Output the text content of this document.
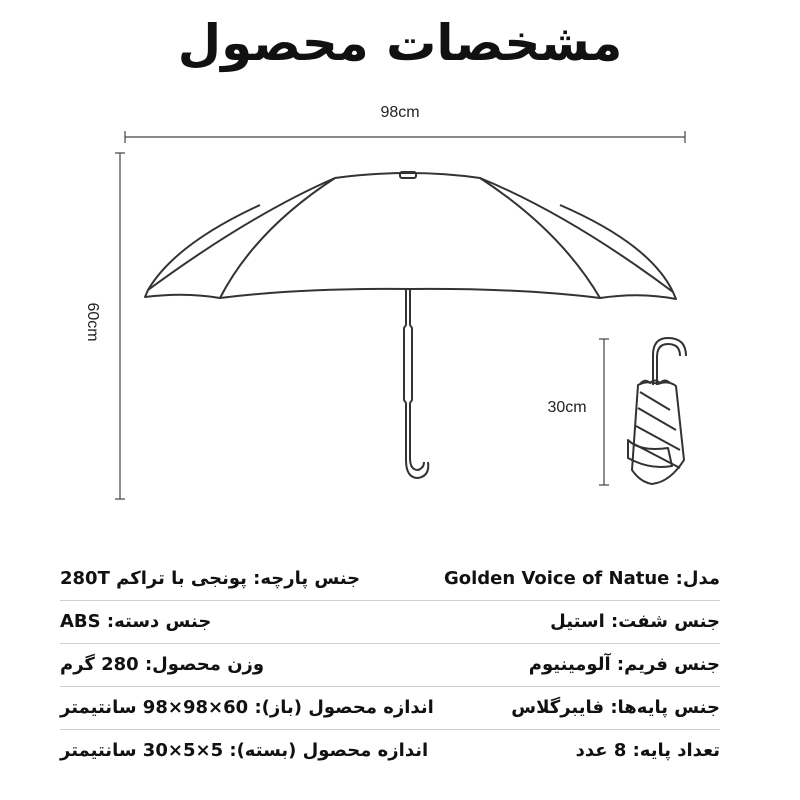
مشخصات محصول
98cm
60cm
30cm
مدل: Golden Voice of Natue
جنس پارچه: پونجی با تراکم 280T
جنس شفت: استیل
جنس دسته: ABS
جنس فریم: آلومینیوم
وزن محصول: 280 گرم
جنس پایه‌ها: فایبرگلاس
اندازه محصول (باز): 60×98×98 سانتیمتر
تعداد پایه: 8 عدد
اندازه محصول (بسته): 5×5×30 سانتیمتر
